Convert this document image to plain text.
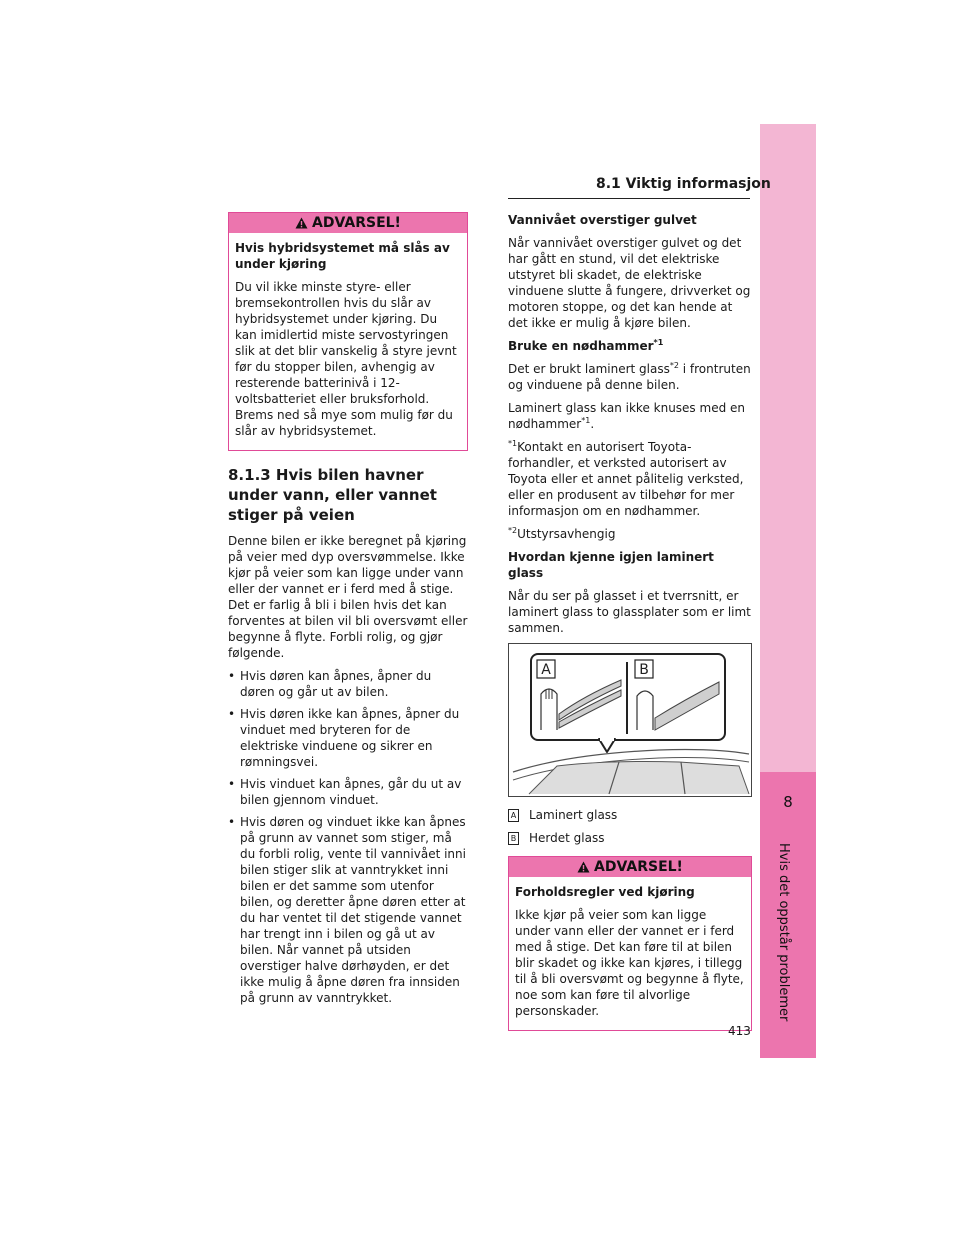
8
Hvis det oppstår problemer
8.1 Viktig informasjon
ADVARSEL!

Hvis hybridsystemet må slås av under kjøring

Du vil ikke minste styre- eller bremsekontrollen hvis du slår av hybridsystemet under kjøring. Du kan imidlertid miste servostyringen slik at det blir vanskelig å styre jevnt før du stopper bilen, avhengig av resterende batterinivå i 12-voltsbatteriet eller bruksforhold. Brems ned så mye som mulig før du slår av hybridsystemet.

8.1.3 Hvis bilen havner under vann, eller vannet stiger på veien

Denne bilen er ikke beregnet på kjøring på veier med dyp oversvømmelse. Ikke kjør på veier som kan ligge under vann eller der vannet er i ferd med å stige. Det er farlig å bli i bilen hvis det kan forventes at bilen vil bli oversvømt eller begynne å flyte. Forbli rolig, og gjør følgende.

• Hvis døren kan åpnes, åpner du døren og går ut av bilen.
• Hvis døren ikke kan åpnes, åpner du vinduet med bryteren for de elektriske vinduene og sikrer en rømningsvei.
• Hvis vinduet kan åpnes, går du ut av bilen gjennom vinduet.
• Hvis døren og vinduet ikke kan åpnes på grunn av vannet som stiger, må du forbli rolig, vente til vannivået inni bilen stiger slik at vanntrykket inni bilen er det samme som utenfor bilen, og deretter åpne døren etter at du har ventet til det stigende vannet har trengt inn i bilen og gå ut av bilen. Når vannet på utsiden overstiger halve dørhøyden, er det ikke mulig å åpne døren fra innsiden på grunn av vanntrykket.

Vannivået overstiger gulvet

Når vannivået overstiger gulvet og det har gått en stund, vil det elektriske utstyret bli skadet, de elektriske vinduene slutte å fungere, drivverket og motoren stoppe, og det kan hende at det ikke er mulig å kjøre bilen.

Bruke en nødhammer$^{*1}$

Det er brukt laminert glass$^{*2}$ i frontruten og vinduene på denne bilen.

Laminert glass kan ikke knuses med en nødhammer$^{*1}$.

$^{*1}$Kontakt en autorisert Toyota-forhandler, et verksted autorisert av Toyota eller et annet pålitelig verksted, eller en produsent av tilbehør for mer informasjon om en nødhammer.

$^{*2}$Utstyrsavhengig

Hvordan kjenne igjen laminert glass

Når du ser på glasset i et tverrsnitt, er laminert glass to glassplater som er limt sammen.

A	B
A Laminert glass
B Herdet glass
ADVARSEL!

Forholdsregler ved kjøring

Ikke kjør på veier som kan ligge under vann eller der vannet er i ferd med å stige. Det kan føre til at bilen blir skadet og ikke kan kjøres, i tillegg til å bli oversvømt og begynne å flyte, noe som kan føre til alvorlige personskader.

413
